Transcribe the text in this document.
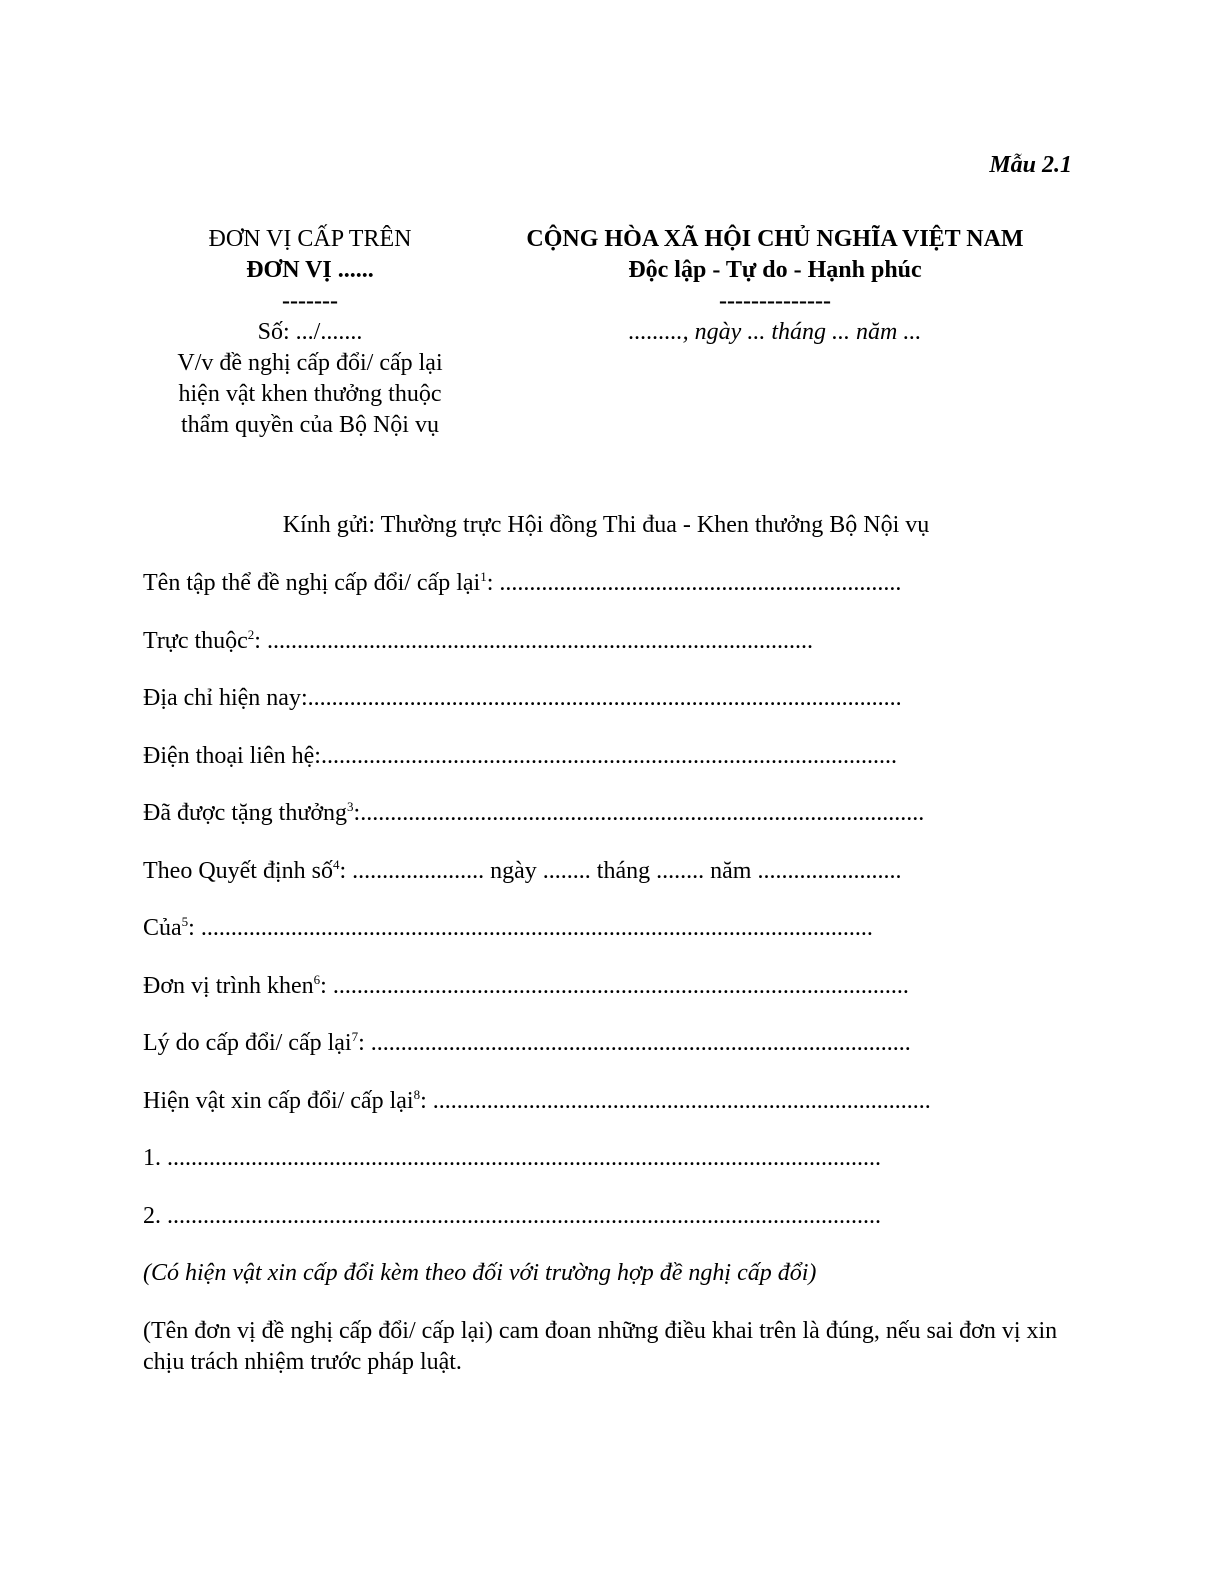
Mẫu 2.1
ĐƠN VỊ CẤP TRÊN
ĐƠN VỊ ......
-------
Số: .../.......
V/v đề nghị cấp đổi/ cấp lại
hiện vật khen thưởng thuộc
thẩm quyền của Bộ Nội vụ
CỘNG HÒA XÃ HỘI CHỦ NGHĨA VIỆT NAM
Độc lập - Tự do - Hạnh phúc
--------------
........., ngày ... tháng ... năm ...
Kính gửi: Thường trực Hội đồng Thi đua - Khen thưởng Bộ Nội vụ
Tên tập thể đề nghị cấp đổi/ cấp lại$^1$: ...................................................................
Trực thuộc$^2$: ...........................................................................................
Địa chỉ hiện nay:...................................................................................................
Điện thoại liên hệ:................................................................................................
Đã được tặng thưởng$^3$:..............................................................................................
Theo Quyết định số$^4$: ...................... ngày ........ tháng ........ năm ........................
Của$^5$: ................................................................................................................
Đơn vị trình khen$^6$: ................................................................................................
Lý do cấp đổi/ cấp lại$^7$: ..........................................................................................
Hiện vật xin cấp đổi/ cấp lại$^8$: ...................................................................................
1. .......................................................................................................................
2. .......................................................................................................................
(Có hiện vật xin cấp đổi kèm theo đối với trường hợp đề nghị cấp đổi)
(Tên đơn vị đề nghị cấp đổi/ cấp lại) cam đoan những điều khai trên là đúng, nếu sai đơn vị xin chịu trách nhiệm trước pháp luật.
